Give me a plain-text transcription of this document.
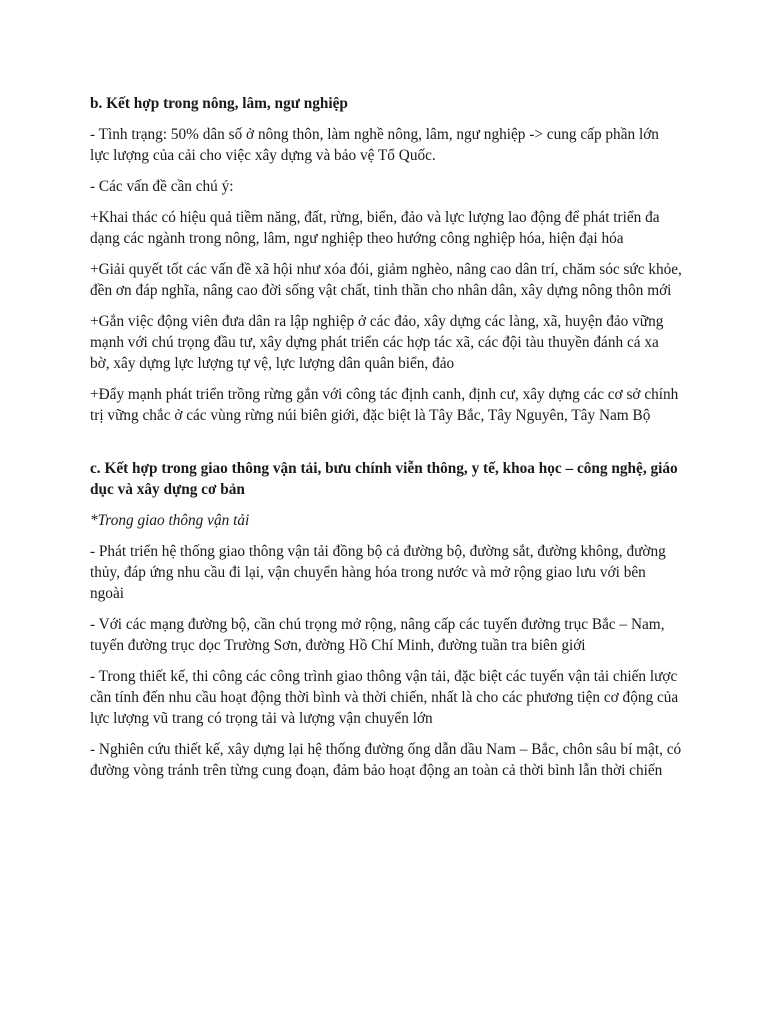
b. Kết hợp trong nông, lâm, ngư nghiệp

- Tình trạng: 50% dân số ở nông thôn, làm nghề nông, lâm, ngư nghiệp -> cung cấp phần lớn lực lượng của cải cho việc xây dựng và bảo vệ Tổ Quốc.

- Các vấn đề cần chú ý:

+Khai thác có hiệu quả tiềm năng, đất, rừng, biển, đảo và lực lượng lao động để phát triển đa dạng các ngành trong nông, lâm, ngư nghiệp theo hướng công nghiệp hóa, hiện đại hóa

+Giải quyết tốt các vấn đề xã hội như xóa đói, giảm nghèo, nâng cao dân trí, chăm sóc sức khỏe, đền ơn đáp nghĩa, nâng cao đời sống vật chất, tinh thần cho nhân dân, xây dựng nông thôn mới

+Gắn việc động viên đưa dân ra lập nghiệp ở các đảo, xây dựng các làng, xã, huyện đảo vững mạnh với chú trọng đầu tư, xây dựng phát triển các hợp tác xã, các đội tàu thuyền đánh cá xa bờ, xây dựng lực lượng tự vệ, lực lượng dân quân biển, đảo

+Đẩy mạnh phát triển trồng rừng gắn với công tác định canh, định cư, xây dựng các cơ sở chính trị vững chắc ở các vùng rừng núi biên giới, đặc biệt là Tây Bắc, Tây Nguyên, Tây Nam Bộ

c. Kết hợp trong giao thông vận tải, bưu chính viễn thông, y tế, khoa học – công nghệ, giáo dục và xây dựng cơ bản

*Trong giao thông vận tải

- Phát triển hệ thống giao thông vận tải đồng bộ cả đường bộ, đường sắt, đường không, đường thủy, đáp ứng nhu cầu đi lại, vận chuyển hàng hóa trong nước và mở rộng giao lưu với bên ngoài

- Với các mạng đường bộ, cần chú trọng mở rộng, nâng cấp các tuyến đường trục Bắc – Nam, tuyến đường trục dọc Trường Sơn, đường Hồ Chí Minh, đường tuần tra biên giới

- Trong thiết kế, thi công các công trình giao thông vận tải, đặc biệt các tuyến vận tải chiến lược cần tính đến nhu cầu hoạt động thời bình và thời chiến, nhất là cho các phương tiện cơ động của lực lượng vũ trang có trọng tải và lượng vận chuyển lớn

- Nghiên cứu thiết kế, xây dựng lại hệ thống đường ống dẫn dầu Nam – Bắc, chôn sâu bí mật, có đường vòng tránh trên từng cung đoạn, đảm bảo hoạt động an toàn cả thời bình lẫn thời chiến
